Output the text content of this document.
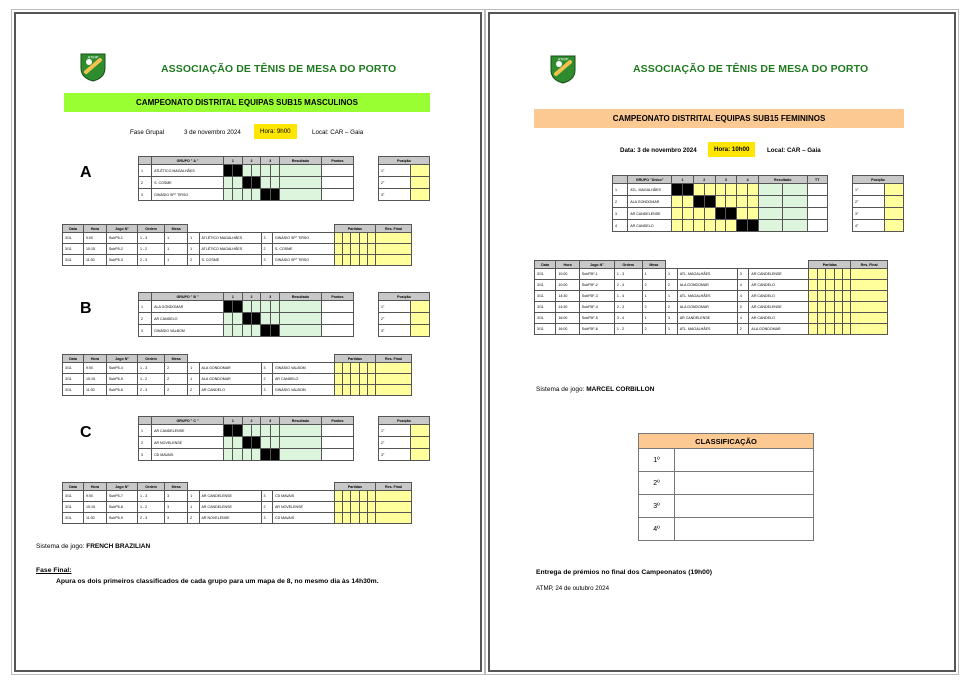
ATMP
ASSOCIAÇÃO DE TÊNIS DE MESA DO PORTO
CAMPEONATO DISTRITAL EQUIPAS SUB15 MASCULINOS
Fase Grupal	3 de novembro 2024	Hora: 9h00	Local: CAR – Gaia
A
	GRUPO " A "	1		2		3		Resultado	Pontos
1	ATLÉTICO MAGALHÃES								
2	S. COSME								
3	GINÁSIO SP° TIRSO								
Posição	
1°	
2°	
3°	
Data	Hora	Jogo N°	Ordem	Mesa					Partidas					Res. Final
3/11	9:00	SubP5-1	1 - 3	1	1	ATLÉTICO MAGALHÃES	3	GINÁSIO SP° TIRSO						
3/11	10:15	SubP5-2	1 - 2	1	1	ATLÉTICO MAGALHÃES	2	S. COSME						
3/11	11:30	SubP5-3	2 - 3	1	2	S. COSME	3	GINÁSIO SP° TIRSO						
B
	GRUPO " B "	1		2		3		Resultado	Pontos
1	ALA GONDOMAR								
2	AR CANDELO								
3	GINÁSIO VALBOM								
Posição	
1°	
2°	
3°	
Data	Hora	Jogo N°	Ordem	Mesa					Partidas					Res. Final
3/11	9:00	SubP5-4	1 - 3	2	1	ALA GONDOMAR	3	GINÁSIO VALBOM						
3/11	10:15	SubP5-5	1 - 2	2	1	ALA GONDOMAR	2	AR CANDELO						
3/11	11:30	SubP5-6	2 - 3	2	2	AR CANDELO	3	GINÁSIO VALBOM						
C
	GRUPO " C "	1		2		3		Resultado	Pontos
1	AR CANDELENSE								
2	AR NOVELENSE								
3	CD MAVAIS								
Posição	
1°	
2°	
3°	
Data	Hora	Jogo N°	Ordem	Mesa					Partidas					Res. Final
3/11	9:00	SubP5-7	1 - 3	3	1	AR CANDELENSE	3	CD MAVAIS						
3/11	10:15	SubP5-8	1 - 2	3	1	AR CANDELENSE	2	AR NOVELENSE						
3/11	11:30	SubP5-9	2 - 3	3	2	AR NOVELENSE	3	CD MAVAIS						
Sistema de jogo: FRENCH BRAZILIAN
Fase Final:
Apura os dois primeiros classificados de cada grupo para um mapa de 8, no mesmo dia às 14h30m.
ATMP
ASSOCIAÇÃO DE TÊNIS DE MESA DO PORTO
CAMPEONATO DISTRITAL EQUIPAS SUB15 FEMININOS
Data: 3 de novembro 2024	Hora: 10h00	Local: CAR – Gaia
	GRUPO "Único"	1		2		3		4		Resultado		TT
1	ATL. MAGALHÃES											
2	ALA GONDOMAR											
3	AR CANDELENSE											
4	AR CANDELO											
Posição	
1°	
2°	
3°	
4°	
Data	Hora	Jogo N°	Ordem	Mesa					Partidas					Res. Final
3/11	10:00	SubF5F-1	1 - 3	1	1	ATL. MAGALHÃES	3	AR CANDELENSE						
3/11	10:00	SubF5F-2	2 - 4	2	2	ALA GONDOMAR	4	AR CANDELO						
3/11	14:30	SubF5F-3	1 - 4	1	1	ATL. MAGALHÃES	4	AR CANDELO						
3/11	14:30	SubF5F-4	2 - 3	2	2	ALA GONDOMAR	3	AR CANDELENSE						
3/11	16:00	SubF5F-5	3 - 4	1	3	AR CANDELENSE	4	AR CANDELO						
3/11	16:00	SubF5F-6	1 - 2	2	1	ATL. MAGALHÃES	2	ALA GONDOMAR						
Sistema de jogo: MARCEL CORBILLON
CLASSIFICAÇÃO	
1º	
2º	
3º	
4º	
Entrega de prémios no final dos Campeonatos (19h00)
ATMP, 24 de outubro 2024
